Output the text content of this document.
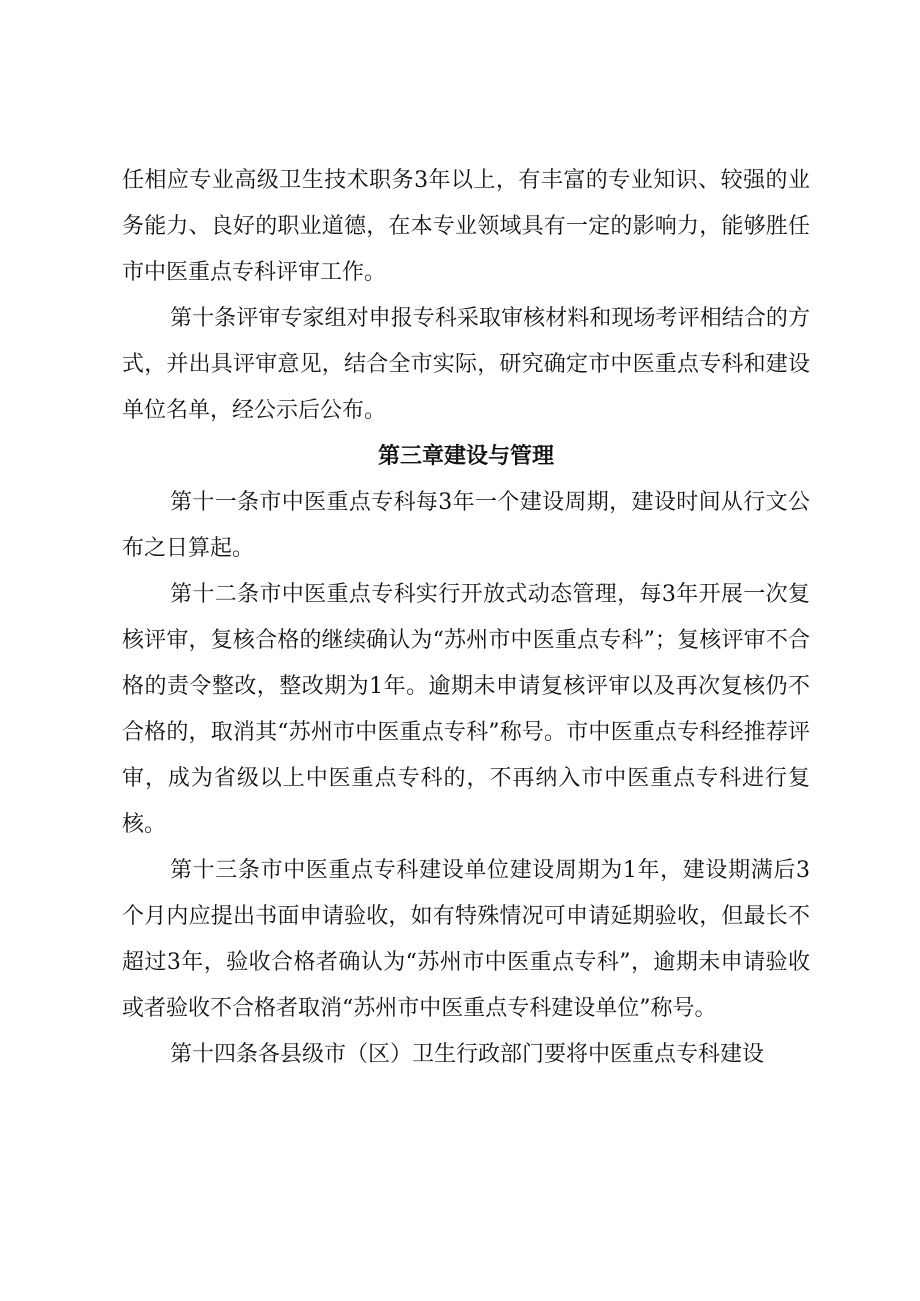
任相应专业高级卫生技术职务3年以上，有丰富的专业知识、较强的业务能力、良好的职业道德，在本专业领域具有一定的影响力，能够胜任市中医重点专科评审工作。

第十条评审专家组对申报专科采取审核材料和现场考评相结合的方式，并出具评审意见，结合全市实际，研究确定市中医重点专科和建设单位名单，经公示后公布。

第三章建设与管理

第十一条市中医重点专科每3年一个建设周期，建设时间从行文公布之日算起。

第十二条市中医重点专科实行开放式动态管理，每3年开展一次复核评审，复核合格的继续确认为“苏州市中医重点专科”；复核评审不合格的责令整改，整改期为1年。逾期未申请复核评审以及再次复核仍不合格的，取消其“苏州市中医重点专科”称号。市中医重点专科经推荐评审，成为省级以上中医重点专科的，不再纳入市中医重点专科进行复核。

第十三条市中医重点专科建设单位建设周期为1年，建设期满后3个月内应提出书面申请验收，如有特殊情况可申请延期验收，但最长不超过3年，验收合格者确认为“苏州市中医重点专科”，逾期未申请验收或者验收不合格者取消“苏州市中医重点专科建设单位”称号。

第十四条各县级市（区）卫生行政部门要将中医重点专科建设
